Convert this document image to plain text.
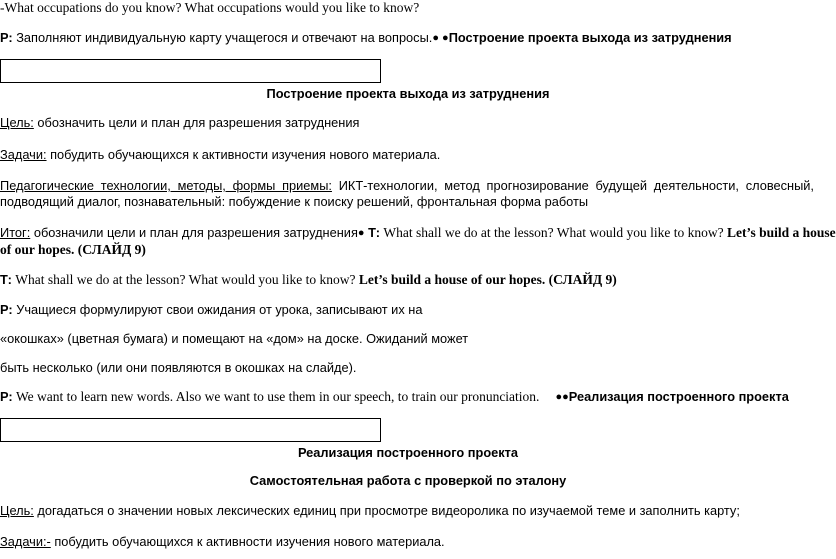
-What occupations do you know? What occupations would you like to know?
Р: Заполняют индивидуальную карту учащегося и отвечают на вопросы.● ●Построение проекта выхода из затруднения
Построение проекта выхода из затруднения
Цель: обозначить цели и план для разрешения затруднения
Задачи: побудить обучающихся к активности изучения нового материала.
Педагогические технологии, методы, формы приемы: ИКТ-технологии, метод прогнозирование будущей деятельности, словесный,
подводящий диалог, познавательный: побуждение к поиску решений, фронтальная форма работы
Итог: обозначили цели и план для разрешения затруднения● Т: What shall we do at the lesson? What would you like to know? Let’s build a house
of our hopes. (СЛАЙД 9)
Т: What shall we do at the lesson? What would you like to know? Let’s build a house of our hopes. (СЛАЙД 9)
Р: Учащиеся формулируют свои ожидания от урока, записывают их на
«окошках» (цветная бумага) и помещают на «дом» на доске. Ожиданий может
быть несколько (или они появляются в окошках на слайде).
Р: We want to learn new words. Also we want to use them in our speech, to train our pronunciation. ●●Реализация построенного проекта
Реализация построенного проекта
Самостоятельная работа с проверкой по эталону
Цель: догадаться о значении новых лексических единиц при просмотре видеоролика по изучаемой теме и заполнить карту;
Задачи:- побудить обучающихся к активности изучения нового материала.
